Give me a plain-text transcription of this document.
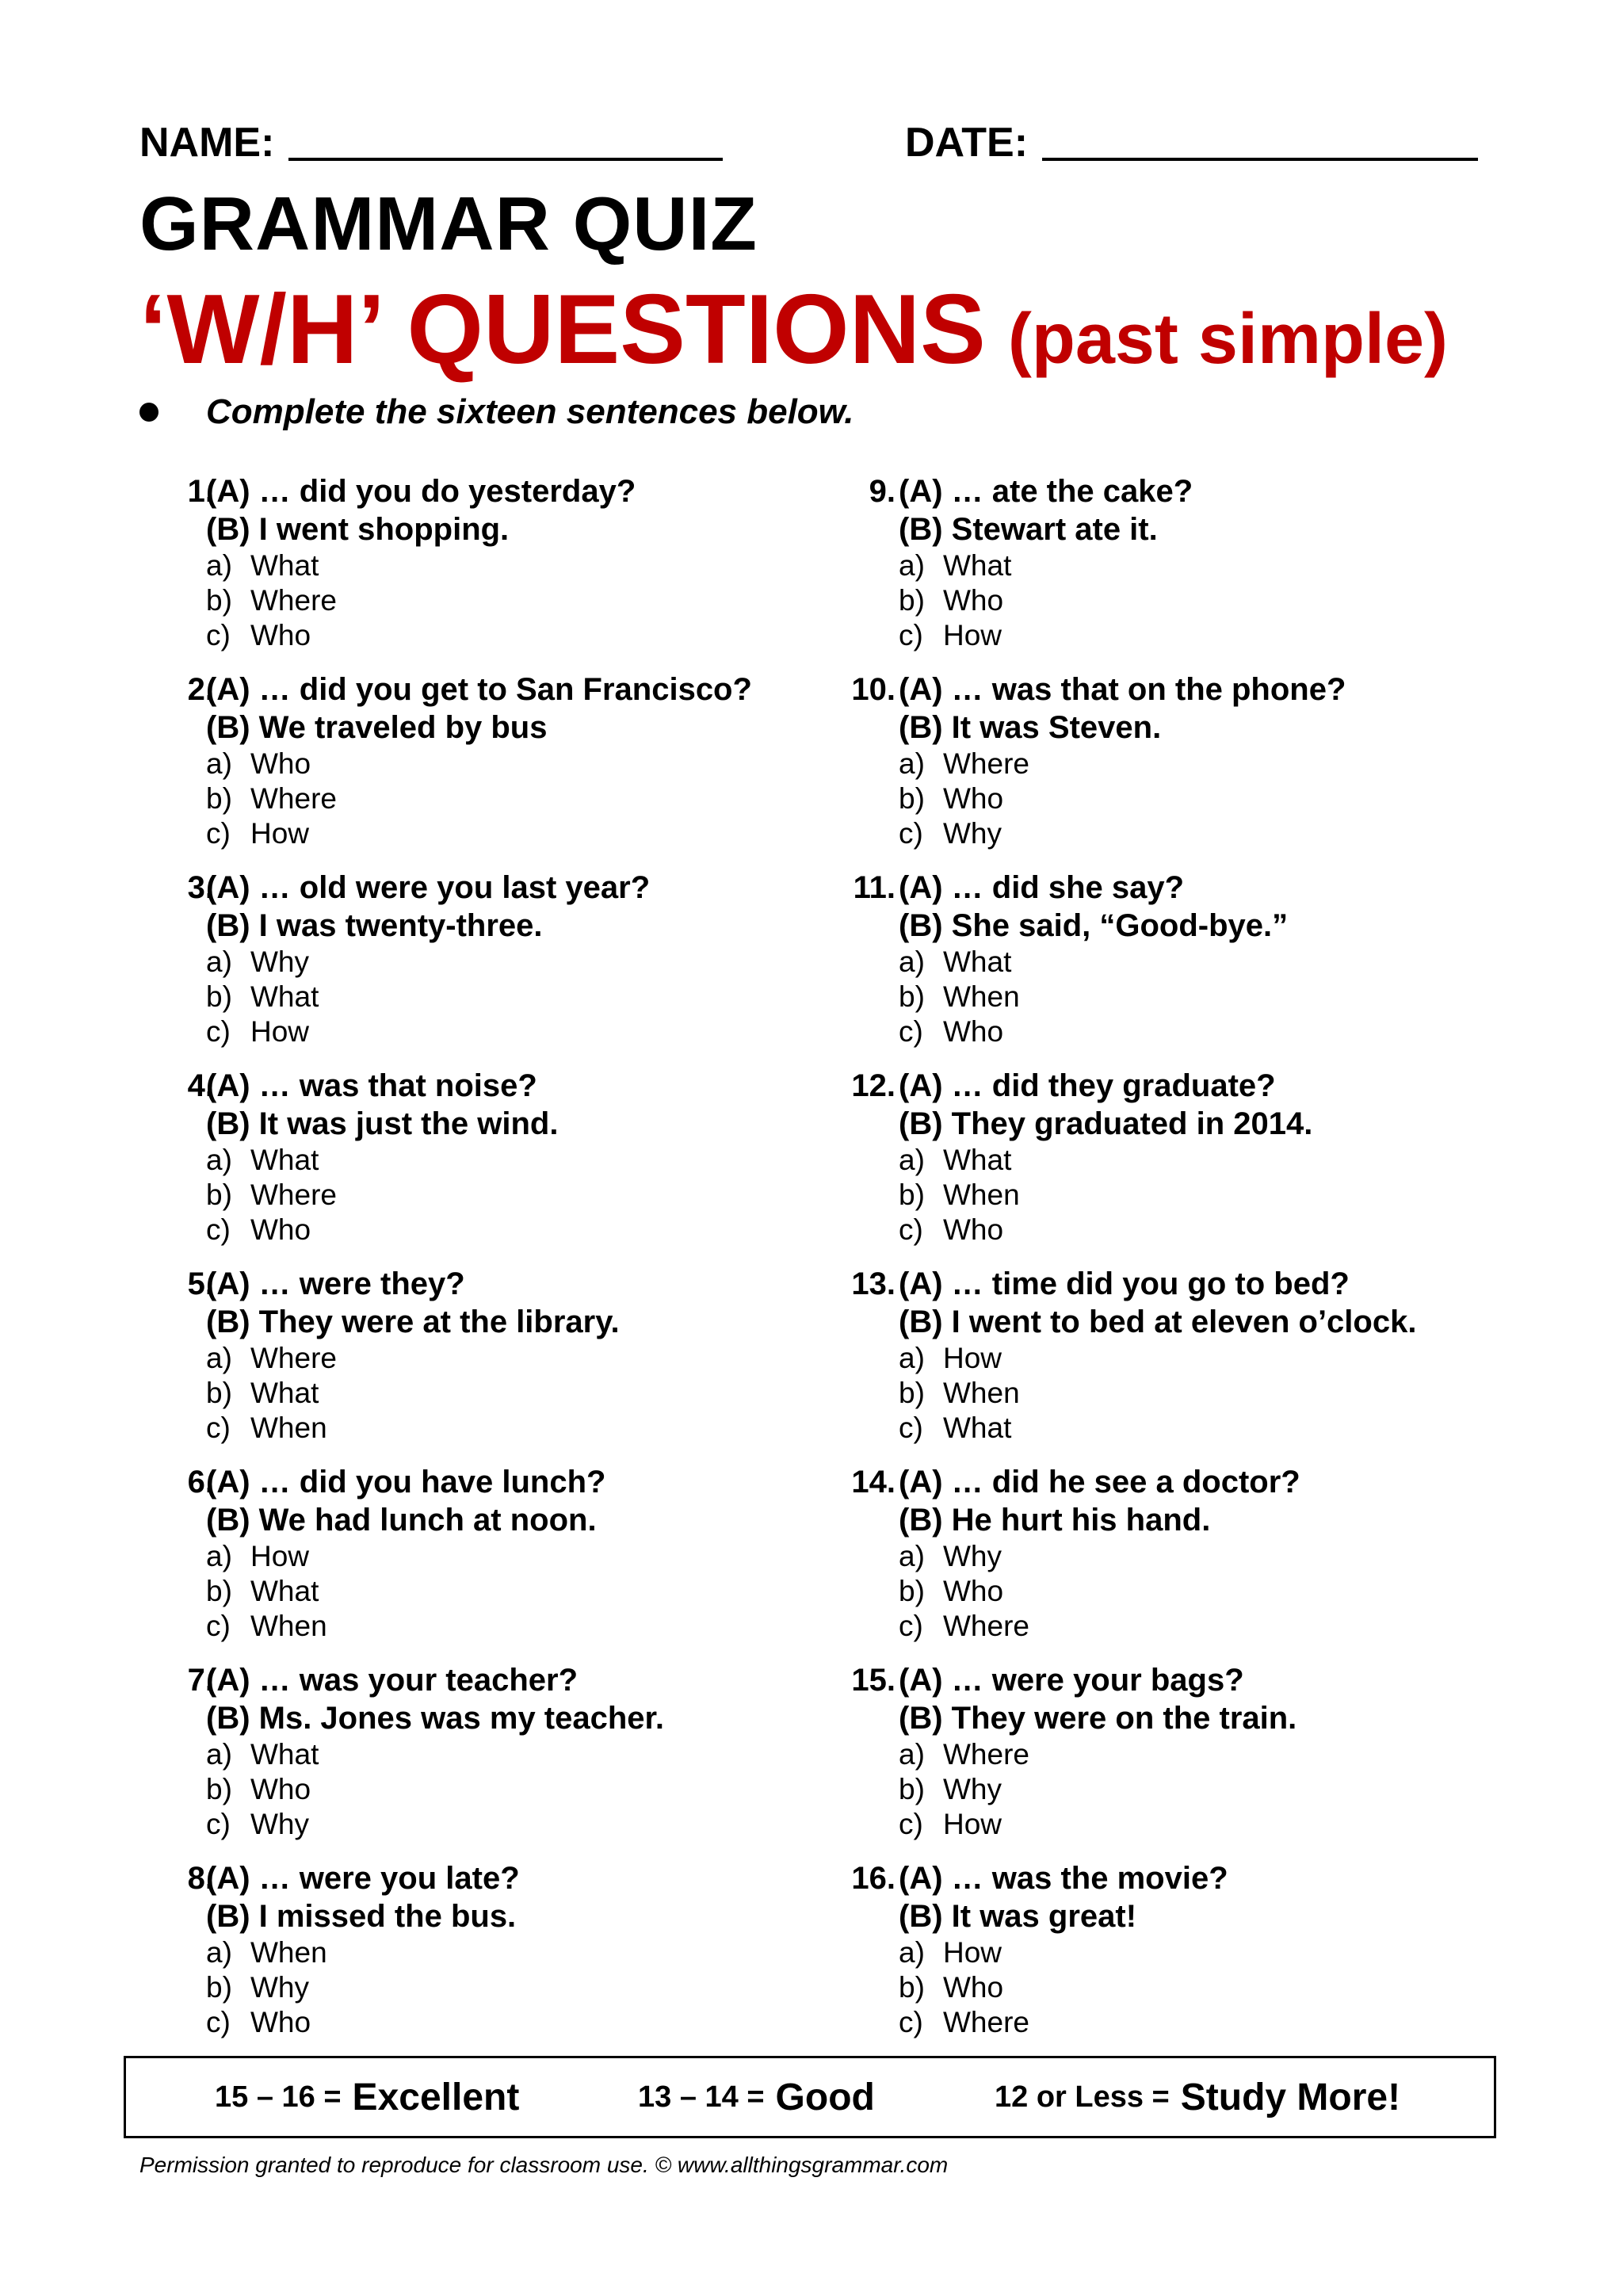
NAME:	DATE:
GRAMMAR QUIZ
‘W/H’ QUESTIONS (past simple)
Complete the sixteen sentences below.
1.
(A) … did you do yesterday?
(B) I went shopping.
a) What
b) Where
c) Who
2.
(A) … did you get to San Francisco?
(B) We traveled by bus
a) Who
b) Where
c) How
3.
(A) … old were you last year?
(B) I was twenty-three.
a) Why
b) What
c) How
4.
(A) … was that noise?
(B) It was just the wind.
a) What
b) Where
c) Who
5.
(A) … were they?
(B) They were at the library.
a) Where
b) What
c) When
6.
(A) … did you have lunch?
(B) We had lunch at noon.
a) How
b) What
c) When
7.
(A) … was your teacher?
(B) Ms. Jones was my teacher.
a) What
b) Who
c) Why
8.
(A) … were you late?
(B) I missed the bus.
a) When
b) Why
c) Who
9. (A) … ate the cake?
(B) Stewart ate it.
a) What
b) Who
c) How
10. (A) … was that on the phone?
(B) It was Steven.
a) Where
b) Who
c) Why
11. (A) … did she say?
(B) She said, “Good-bye.”
a) What
b) When
c) Who
12. (A) … did they graduate?
(B) They graduated in 2014.
a) What
b) When
c) Who
13. (A) … time did you go to bed?
(B) I went to bed at eleven o’clock.
a) How
b) When
c) What
14. (A) … did he see a doctor?
(B) He hurt his hand.
a) Why
b) Who
c) Where
15. (A) … were your bags?
(B) They were on the train.
a) Where
b) Why
c) How
16. (A) … was the movie?
(B) It was great!
a) How
b) Who
c) Where
15 – 16 = Excellent	13 – 14 = Good	12 or Less = Study More!
Permission granted to reproduce for classroom use. © www.allthingsgrammar.com
